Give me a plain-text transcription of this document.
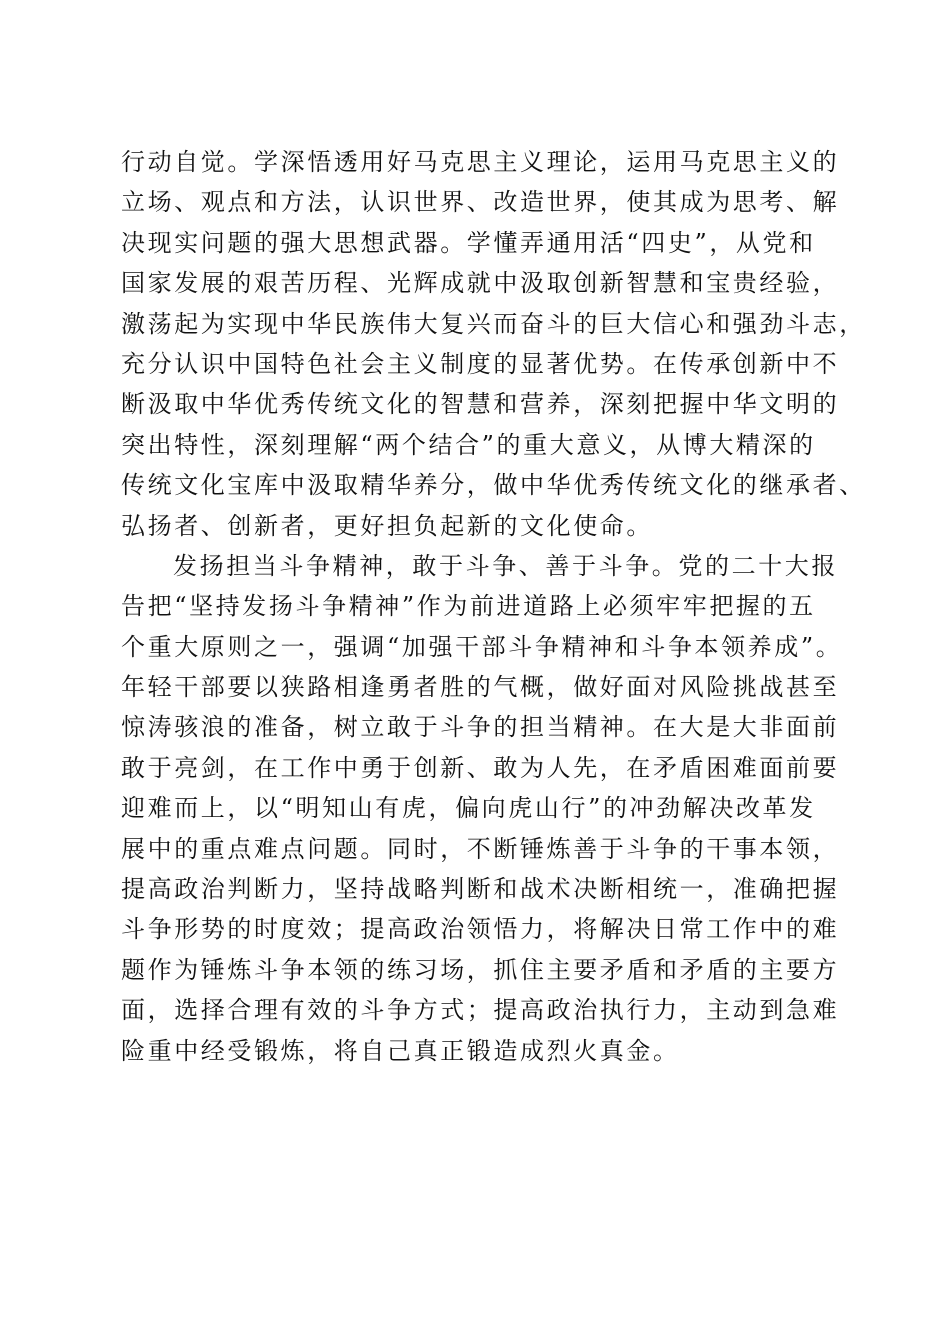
行动自觉。学深悟透用好马克思主义理论，运用马克思主义的
立场、观点和方法，认识世界、改造世界，使其成为思考、解
决现实问题的强大思想武器。学懂弄通用活“四史”，从党和
国家发展的艰苦历程、光辉成就中汲取创新智慧和宝贵经验，
激荡起为实现中华民族伟大复兴而奋斗的巨大信心和强劲斗志，
充分认识中国特色社会主义制度的显著优势。在传承创新中不
断汲取中华优秀传统文化的智慧和营养，深刻把握中华文明的
突出特性，深刻理解“两个结合”的重大意义，从博大精深的
传统文化宝库中汲取精华养分，做中华优秀传统文化的继承者、
弘扬者、创新者，更好担负起新的文化使命。
发扬担当斗争精神，敢于斗争、善于斗争。党的二十大报
告把“坚持发扬斗争精神”作为前进道路上必须牢牢把握的五
个重大原则之一，强调“加强干部斗争精神和斗争本领养成”。
年轻干部要以狭路相逢勇者胜的气概，做好面对风险挑战甚至
惊涛骇浪的准备，树立敢于斗争的担当精神。在大是大非面前
敢于亮剑，在工作中勇于创新、敢为人先，在矛盾困难面前要
迎难而上，以“明知山有虎，偏向虎山行”的冲劲解决改革发
展中的重点难点问题。同时，不断锤炼善于斗争的干事本领，
提高政治判断力，坚持战略判断和战术决断相统一，准确把握
斗争形势的时度效；提高政治领悟力，将解决日常工作中的难
题作为锤炼斗争本领的练习场，抓住主要矛盾和矛盾的主要方
面，选择合理有效的斗争方式；提高政治执行力，主动到急难
险重中经受锻炼，将自己真正锻造成烈火真金。
